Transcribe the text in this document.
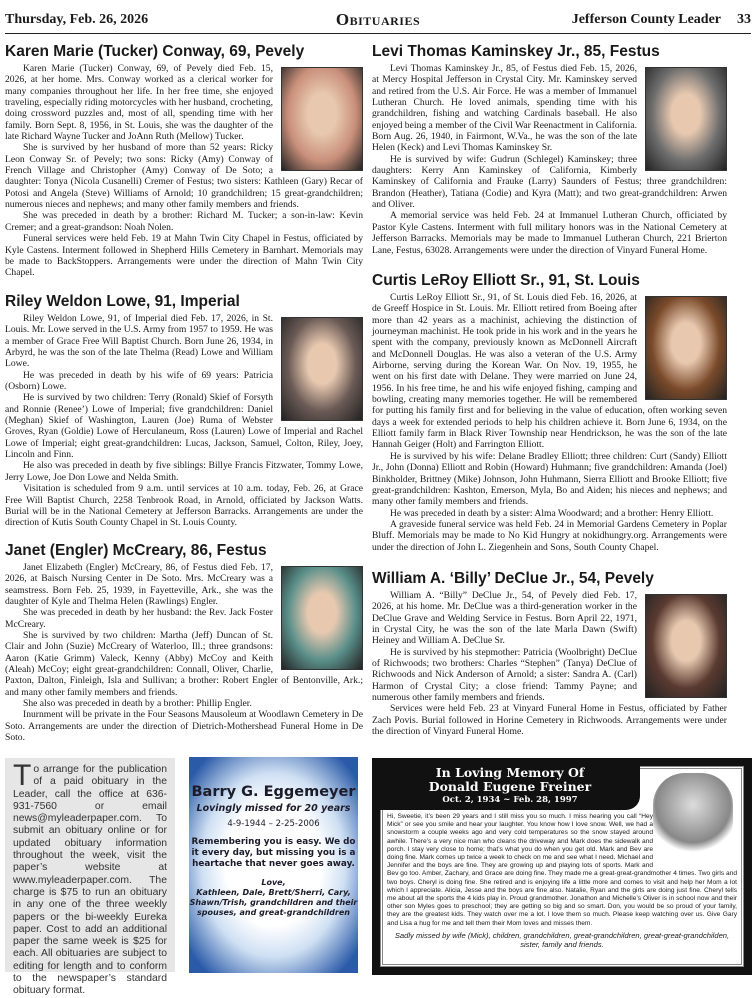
Thursday, Feb. 26, 2026	Obituaries	Jefferson County Leader 33
Karen Marie (Tucker) Conway, 69, Pevely

Karen Marie (Tucker) Conway, 69, of Pevely died Feb. 15, 2026, at her home. Mrs. Conway worked as a clerical worker for many companies throughout her life. In her free time, she enjoyed traveling, especially riding motorcycles with her husband, crocheting, doing crossword puzzles and, most of all, spending time with her family. Born Sept. 8, 1956, in St. Louis, she was the daughter of the late Richard Wayne Tucker and JoAnn Ruth (Mellow) Tucker.

She is survived by her husband of more than 52 years: Ricky Leon Conway Sr. of Pevely; two sons: Ricky (Amy) Conway of French Village and Christopher (Amy) Conway of De Soto; a daughter: Tonya (Nicola Cusanelli) Cremer of Festus; two sisters: Kathleen (Gary) Recar of Potosi and Angela (Steve) Williams of Arnold; 10 grandchildren; 15 great-grandchildren; numerous nieces and nephews; and many other family members and friends.

She was preceded in death by a brother: Richard M. Tucker; a son-in-law: Kevin Cremer; and a great-grandson: Noah Nolen.

Funeral services were held Feb. 19 at Mahn Twin City Chapel in Festus, officiated by Kyle Castens. Interment followed in Shepherd Hills Cemetery in Barnhart. Memorials may be made to BackStoppers. Arrangements were under the direction of Mahn Twin City Chapel.

Riley Weldon Lowe, 91, Imperial

Riley Weldon Lowe, 91, of Imperial died Feb. 17, 2026, in St. Louis. Mr. Lowe served in the U.S. Army from 1957 to 1959. He was a member of Grace Free Will Baptist Church. Born June 26, 1934, in Arbyrd, he was the son of the late Thelma (Read) Lowe and William Lowe.

He was preceded in death by his wife of 69 years: Patricia (Osborn) Lowe.

He is survived by two children: Terry (Ronald) Skief of Forsyth and Ronnie (Renee’) Lowe of Imperial; five grandchildren: Daniel (Meghan) Skief of Washington, Lauren (Joe) Ruma of Webster Groves, Ryan (Goldie) Lowe of Herculaneum, Ross (Lauren) Lowe of Imperial and Rachel Lowe of Imperial; eight great-grandchildren: Lucas, Jackson, Samuel, Colton, Riley, Joey, Lincoln and Finn.

He also was preceded in death by five siblings: Billye Francis Fitzwater, Tommy Lowe, Jerry Lowe, Joe Don Lowe and Nelda Smith.

Visitation is scheduled from 9 a.m. until services at 10 a.m. today, Feb. 26, at Grace Free Will Baptist Church, 2258 Tenbrook Road, in Arnold, officiated by Jackson Watts. Burial will be in the National Cemetery at Jefferson Barracks. Arrangements are under the direction of Kutis South County Chapel in St. Louis County.

Janet (Engler) McCreary, 86, Festus

Janet Elizabeth (Engler) McCreary, 86, of Festus died Feb. 17, 2026, at Baisch Nursing Center in De Soto. Mrs. McCreary was a seamstress. Born Feb. 25, 1939, in Fayetteville, Ark., she was the daughter of Kyle and Thelma Helen (Rawlings) Engler.

She was preceded in death by her husband: the Rev. Jack Foster McCreary.

She is survived by two children: Martha (Jeff) Duncan of St. Clair and John (Suzie) McCreary of Waterloo, Ill.; three grandsons: Aaron (Katie Grimm) Valeck, Kenny (Abby) McCoy and Keith (Aleah) McCoy; eight great-grandchildren: Connall, Oliver, Charlie, Paxton, Dalton, Finleigh, Isla and Sullivan; a brother: Robert Engler of Bentonville, Ark.; and many other family members and friends.

She also was preceded in death by a brother: Phillip Engler.

Inurnment will be private in the Four Seasons Mausoleum at Woodlawn Cemetery in De Soto. Arrangements are under the direction of Dietrich-Mothershead Funeral Home in De Soto.

Levi Thomas Kaminskey Jr., 85, Festus

Levi Thomas Kaminskey Jr., 85, of Festus died Feb. 15, 2026, at Mercy Hospital Jefferson in Crystal City. Mr. Kaminskey served and retired from the U.S. Air Force. He was a member of Immanuel Lutheran Church. He loved animals, spending time with his grandchildren, fishing and watching Cardinals baseball. He also enjoyed being a member of the Civil War Reenactment in California. Born Aug. 26, 1940, in Fairmont, W.Va., he was the son of the late Helen (Keck) and Levi Thomas Kaminskey Sr.

He is survived by wife: Gudrun (Schlegel) Kaminskey; three daughters: Kerry Ann Kaminskey of California, Kimberly Kaminskey of California and Frauke (Larry) Saunders of Festus; three grandchildren: Brandon (Heather), Tatiana (Codie) and Kyra (Matt); and two great-grandchildren: Arwen and Oliver.

A memorial service was held Feb. 24 at Immanuel Lutheran Church, officiated by Pastor Kyle Castens. Interment with full military honors was in the National Cemetery at Jefferson Barracks. Memorials may be made to Immanuel Lutheran Church, 221 Brierton Lane, Festus, 63028. Arrangements were under the direction of Vinyard Funeral Home.

Curtis LeRoy Elliott Sr., 91, St. Louis

Curtis LeRoy Elliott Sr., 91, of St. Louis died Feb. 16, 2026, at de Greeff Hospice in St. Louis. Mr. Elliott retired from Boeing after more than 42 years as a machinist, achieving the distinction of journeyman machinist. He took pride in his work and in the years he spent with the company, previously known as McDonnell Aircraft and McDonnell Douglas. He was also a veteran of the U.S. Army Airborne, serving during the Korean War. On Nov. 19, 1955, he went on his first date with Delane. They were married on June 24, 1956. In his free time, he and his wife enjoyed fishing, camping and bowling, creating many memories together. He will be remembered for putting his family first and for believing in the value of education, often working seven days a week for extended periods to help his children achieve it. Born June 6, 1934, on the Elliott family farm in Black River Township near Hendrickson, he was the son of the late Hannah Geiger (Holt) and Farrington Elliott.

He is survived by his wife: Delane Bradley Elliott; three children: Curt (Sandy) Elliott Jr., John (Donna) Elliott and Robin (Howard) Huhmann; five grandchildren: Amanda (Joel) Binkholder, Brittney (Mike) Johnson, John Huhmann, Sierra Elliott and Brooke Elliott; five great-grandchildren: Kashton, Emerson, Myla, Bo and Aiden; his nieces and nephews; and many other family members and friends.

He was preceded in death by a sister: Alma Woodward; and a brother: Henry Elliott.

A graveside funeral service was held Feb. 24 in Memorial Gardens Cemetery in Poplar Bluff. Memorials may be made to No Kid Hungry at nokidhungry.org. Arrangements were under the direction of John L. Ziegenhein and Sons, South County Chapel.

William A. ‘Billy’ DeClue Jr., 54, Pevely

William A. “Billy” DeClue Jr., 54, of Pevely died Feb. 17, 2026, at his home. Mr. DeClue was a third-generation worker in the DeClue Grave and Welding Service in Festus. Born April 22, 1971, in Crystal City, he was the son of the late Marla Dawn (Swift) Heiney and William A. DeClue Sr.

He is survived by his stepmother: Patricia (Woolbright) DeClue of Richwoods; two brothers: Charles “Stephen” (Tanya) DeClue of Richwoods and Nick Anderson of Arnold; a sister: Sandra A. (Carl) Harmon of Crystal City; a close friend: Tammy Payne; and numerous other family members and friends.

Services were held Feb. 23 at Vinyard Funeral Home in Festus, officiated by Father Zach Povis. Burial followed in Horine Cemetery in Richwoods. Arrangements were under the direction of Vinyard Funeral Home.

To arrange for the publication of a paid obituary in the Leader, call the office at 636-931-7560 or email news@myleaderpaper.com. To submit an obituary online or for updated obituary information throughout the week, visit the paper’s website at www.myleaderpaper.com. The charge is $75 to run an obituary in any one of the three weekly papers or the bi-weekly Eureka paper. Cost to add an additional paper the same week is $25 for each. All obituaries are subject to editing for length and to conform to the newspaper’s standard obituary format.
Barry G. Eggemeyer
Lovingly missed for 20 years
4-9-1944 – 2-25-2006
Remembering you is easy. We do it every day, but missing you is a heartache that never goes away.
Love,
Kathleen, Dale, Brett/Sherri, Cary, Shawn/Trish, grandchildren and their spouses, and great-grandchildren
In Loving Memory Of
Donald Eugene Freiner
Oct. 2, 1934 ~ Feb. 28, 1997
Hi, Sweetie, it’s been 29 years and I still miss you so much. I miss hearing you call “Hey Mick” or see you smile and hear your laughter. You know how I love snow. Well, we had a snowstorm a couple weeks ago and very cold temperatures so the snow stayed around awhile. There’s a very nice man who cleans the driveway and Mark does the sidewalk and porch. I stay very close to home; that’s what you do when you get old. Mark and Bev are doing fine. Mark comes up twice a week to check on me and see what I need. Michael and Jennifer and the boys are fine. They are growing up and playing lots of sports. Mark and Bev go too. Amber, Zachary, and Grace are doing fine. They made me a great-great-grandmother 4 times. Two girls and two boys. Cheryl is doing fine. She retired and is enjoying life a little more and comes to visit and help her Mom a lot which I appreciate. Alicia, Jesse and the boys are fine also. Natalie, Ryan and the girls are doing just fine. Cheryl tells me about all the sports the 4 kids play in. Proud grandmother. Jonathon and Michelle’s Oliver is in school now and their other son Myles goes to preschool; they are getting so big and so smart. Don, you would be so proud of your family, they are the greatest kids. They watch over me a lot. I love them so much. Please keep watching over us. Give Gary and Lisa a hug for me and tell them their Mom loves and misses them.
Sadly missed by wife (Mick), children, grandchildren, great-grandchildren, great-great-grandchilden, sister, family and friends.
